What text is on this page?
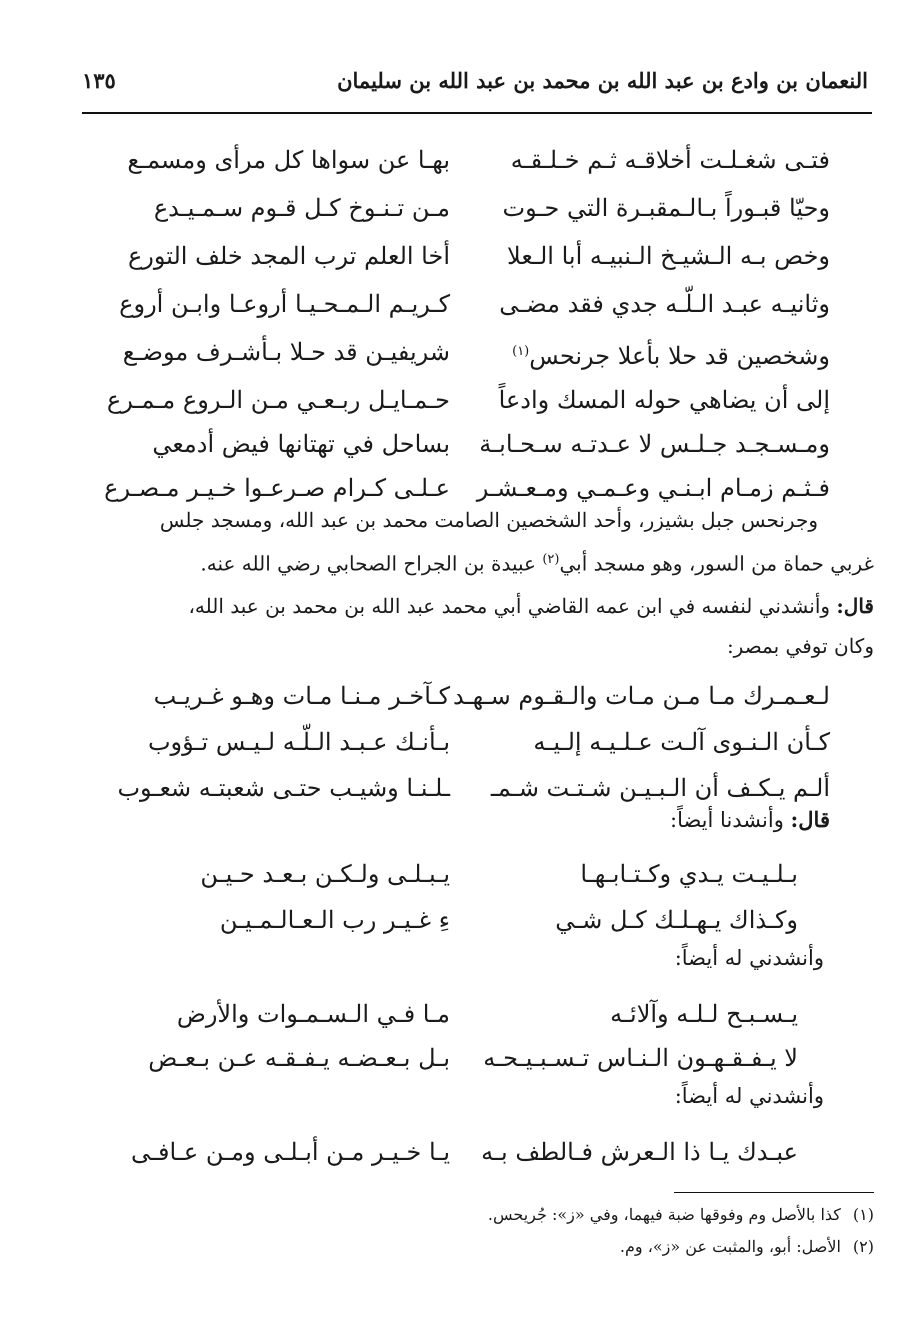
النعمان بن وادع بن عبد الله بن محمد بن عبد الله بن سليمان
١٣٥
فتـى شغـلـت أخلاقـه ثـم خـلـقـه
بهـا عن سواها كل مرأى ومسمـع
وحيّا قبـوراً بـالـمقبـرة التي حـوت
مـن تـنـوخ كـل قـوم سـمـيـدع
وخص بـه الـشيـخ الـنبيـه أبا الـعلا
أخا العلم ترب المجد خلف التورع
وثانيـه عبـد الـلّـه جدي فقد مضـى
كـريـم الـمـحـيـا أروعـا وابـن أروع
وشخصين قد حلا بأعلا جرنحس$^{(١)}$
شريفيـن قد حـلا بـأشـرف موضـع
إلى أن يضاهي حوله المسك وادعاً
حـمـايـل ربـعـي مـن الـروع مـمـرع
ومـسـجـد جـلـس لا عـدتـه سـحـابـة
بساحل في تهتانها فيض أدمعي
فـثـم زمـام ابـنـي وعـمـي ومـعـشـر
عـلـى كـرام صـرعـوا خـيـر مـصـرع
وجرنحس جبل بشيزر، وأحد الشخصين الصامت محمد بن عبد الله، ومسجد جلس
غربي حماة من السور، وهو مسجد أبي$^{(٢)}$ عبيدة بن الجراح الصحابي رضي الله عنه.
قال: وأنشدني لنفسه في ابن عمه القاضي أبي محمد عبد الله بن محمد بن عبد الله،
وكان توفي بمصر:
لـعـمـرك مـا مـن مـات والـقـوم سـهـد
كـآخـر مـنـا مـات وهـو غـريـب
كـأن الـنـوى آلـت عـلـيـه إلـيـه
بـأنـك عـبـد الـلّـه لـيـس تـؤوب
ألـم يـكـف أن الـبـيـن شـتـت شـمـ
ـلـنـا وشيـب حتـى شعبتـه شعـوب
قال: وأنشدنا أيضاً:
بـلـيـت يـدي وكـتـابـهـا
يـبـلـى ولـكـن بـعـد حـيـن
وكـذاك يـهـلـك كـل شـي
ءِ غـيـر رب الـعـالـمـيـن
وأنشدني له أيضاً:
يـسـبـح لـلـه وآلائـه
مـا فـي الـسـمـوات والأرض
لا يـفـقـهـون الـنـاس تـسـبـيـحـه
بـل بـعـضـه يـفـقـه عـن بـعـض
وأنشدني له أيضاً:
عبـدك يـا ذا الـعرش فـالطف بـه
يـا خـيـر مـن أبـلـى ومـن عـافـى
(١)كذا بالأصل وم وفوقها ضبة فيهما، وفي «ز»: جُريحس.
(٢)الأصل: أبو، والمثبت عن «ز»، وم.
